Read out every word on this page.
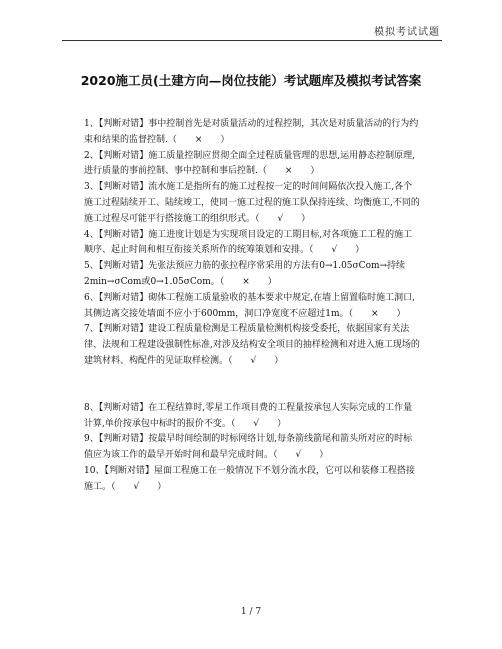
模拟考试试题
2020施工员(土建方向—岗位技能）考试题库及模拟考试答案

1、【判断对错】事中控制首先是对质量活动的过程控制，其次是对质量活动的行为约束和结果的监督控制.（　　×　　）

2、【判断对错】施工质量控制应贯彻全面全过程质量管理的思想,运用静态控制原理,进行质量的事前控制、事中控制和事后控制.（　　×　　）

3、【判断对错】流水施工是指所有的施工过程按一定的时间间隔依次投入施工,各个施工过程陆续开工、陆续竣工，使同一施工过程的施工队保持连续、均衡施工,不同的施工过程尽可能平行搭接施工的组织形式。（　　√　　）

4、【判断对错】施工进度计划是为实现项目设定的工期目标,对各项施工工程的施工顺序、起止时间和相互衔接关系所作的统筹策划和安排。（　　√　　）

5、【判断对错】先张法预应力筋的张拉程序常采用的方法有0→1.05σCom→持续2min→σCom或0→1.05σCom。（　　×　　）

6、【判断对错】砌体工程施工质量验收的基本要求中规定,在墙上留置临时施工洞口,其侧边离交接处墙面不应小于600mm，洞口净宽度不应超过1m。（　　×　　）

7、【判断对错】建设工程质量检测是工程质量检测机构接受委托，依据国家有关法律、法规和工程建设强制性标准,对涉及结构安全项目的抽样检测和对进入施工现场的建筑材料、构配件的见证取样检测。（　　√　　）

8、【判断对错】在工程结算时,零星工作项目费的工程量按承包人实际完成的工作量计算,单价按承包中标时的报价不变。（　　√　　）

9、【判断对错】按最早时间绘制的时标网络计划,每条箭线箭尾和箭头所对应的时标值应为该工作的最早开始时间和最早完成时间。（　　√　　）

10、【判断对错】屋面工程施工在一般情况下不划分流水段，它可以和装修工程搭接施工。（　　√　　）

1 / 7
